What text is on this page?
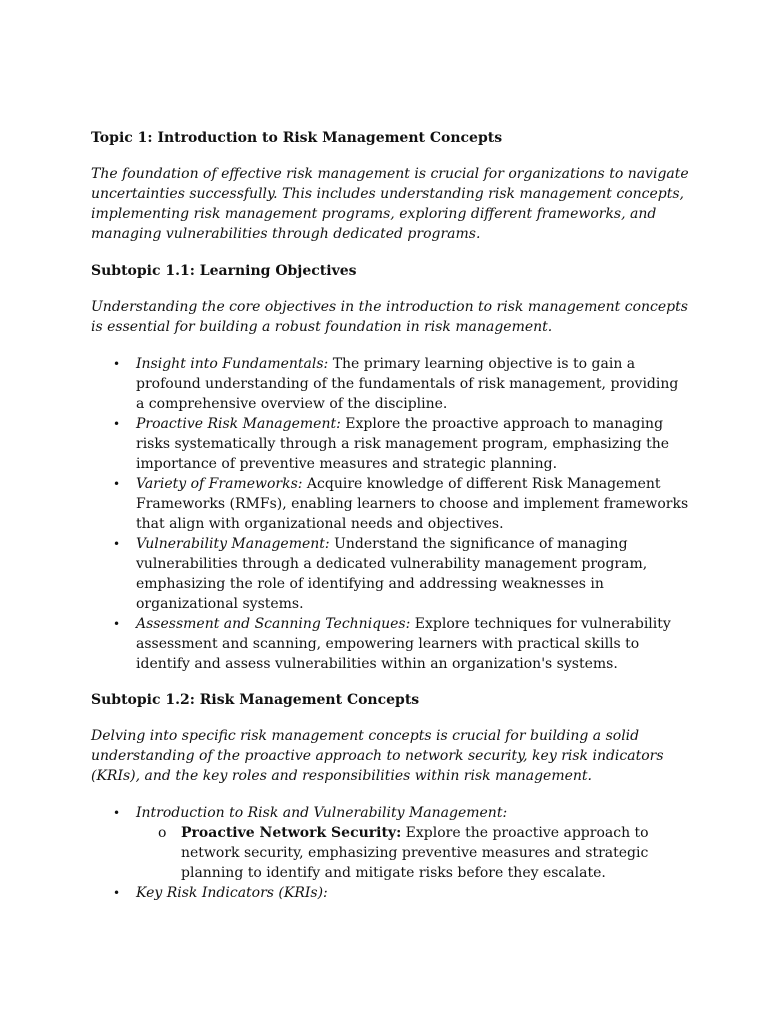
Topic 1: Introduction to Risk Management Concepts
The foundation of effective risk management is crucial for organizations to navigate uncertainties successfully. This includes understanding risk management concepts, implementing risk management programs, exploring different frameworks, and managing vulnerabilities through dedicated programs.
Subtopic 1.1: Learning Objectives
Understanding the core objectives in the introduction to risk management concepts is essential for building a robust foundation in risk management.
• Insight into Fundamentals: The primary learning objective is to gain a profound understanding of the fundamentals of risk management, providing a comprehensive overview of the discipline.
• Proactive Risk Management: Explore the proactive approach to managing risks systematically through a risk management program, emphasizing the importance of preventive measures and strategic planning.
• Variety of Frameworks: Acquire knowledge of different Risk Management Frameworks (RMFs), enabling learners to choose and implement frameworks that align with organizational needs and objectives.
• Vulnerability Management: Understand the significance of managing vulnerabilities through a dedicated vulnerability management program, emphasizing the role of identifying and addressing weaknesses in organizational systems.
• Assessment and Scanning Techniques: Explore techniques for vulnerability assessment and scanning, empowering learners with practical skills to identify and assess vulnerabilities within an organization's systems.
Subtopic 1.2: Risk Management Concepts
Delving into specific risk management concepts is crucial for building a solid understanding of the proactive approach to network security, key risk indicators (KRIs), and the key roles and responsibilities within risk management.
• Introduction to Risk and Vulnerability Management:
o Proactive Network Security: Explore the proactive approach to network security, emphasizing preventive measures and strategic planning to identify and mitigate risks before they escalate.
• Key Risk Indicators (KRIs):
